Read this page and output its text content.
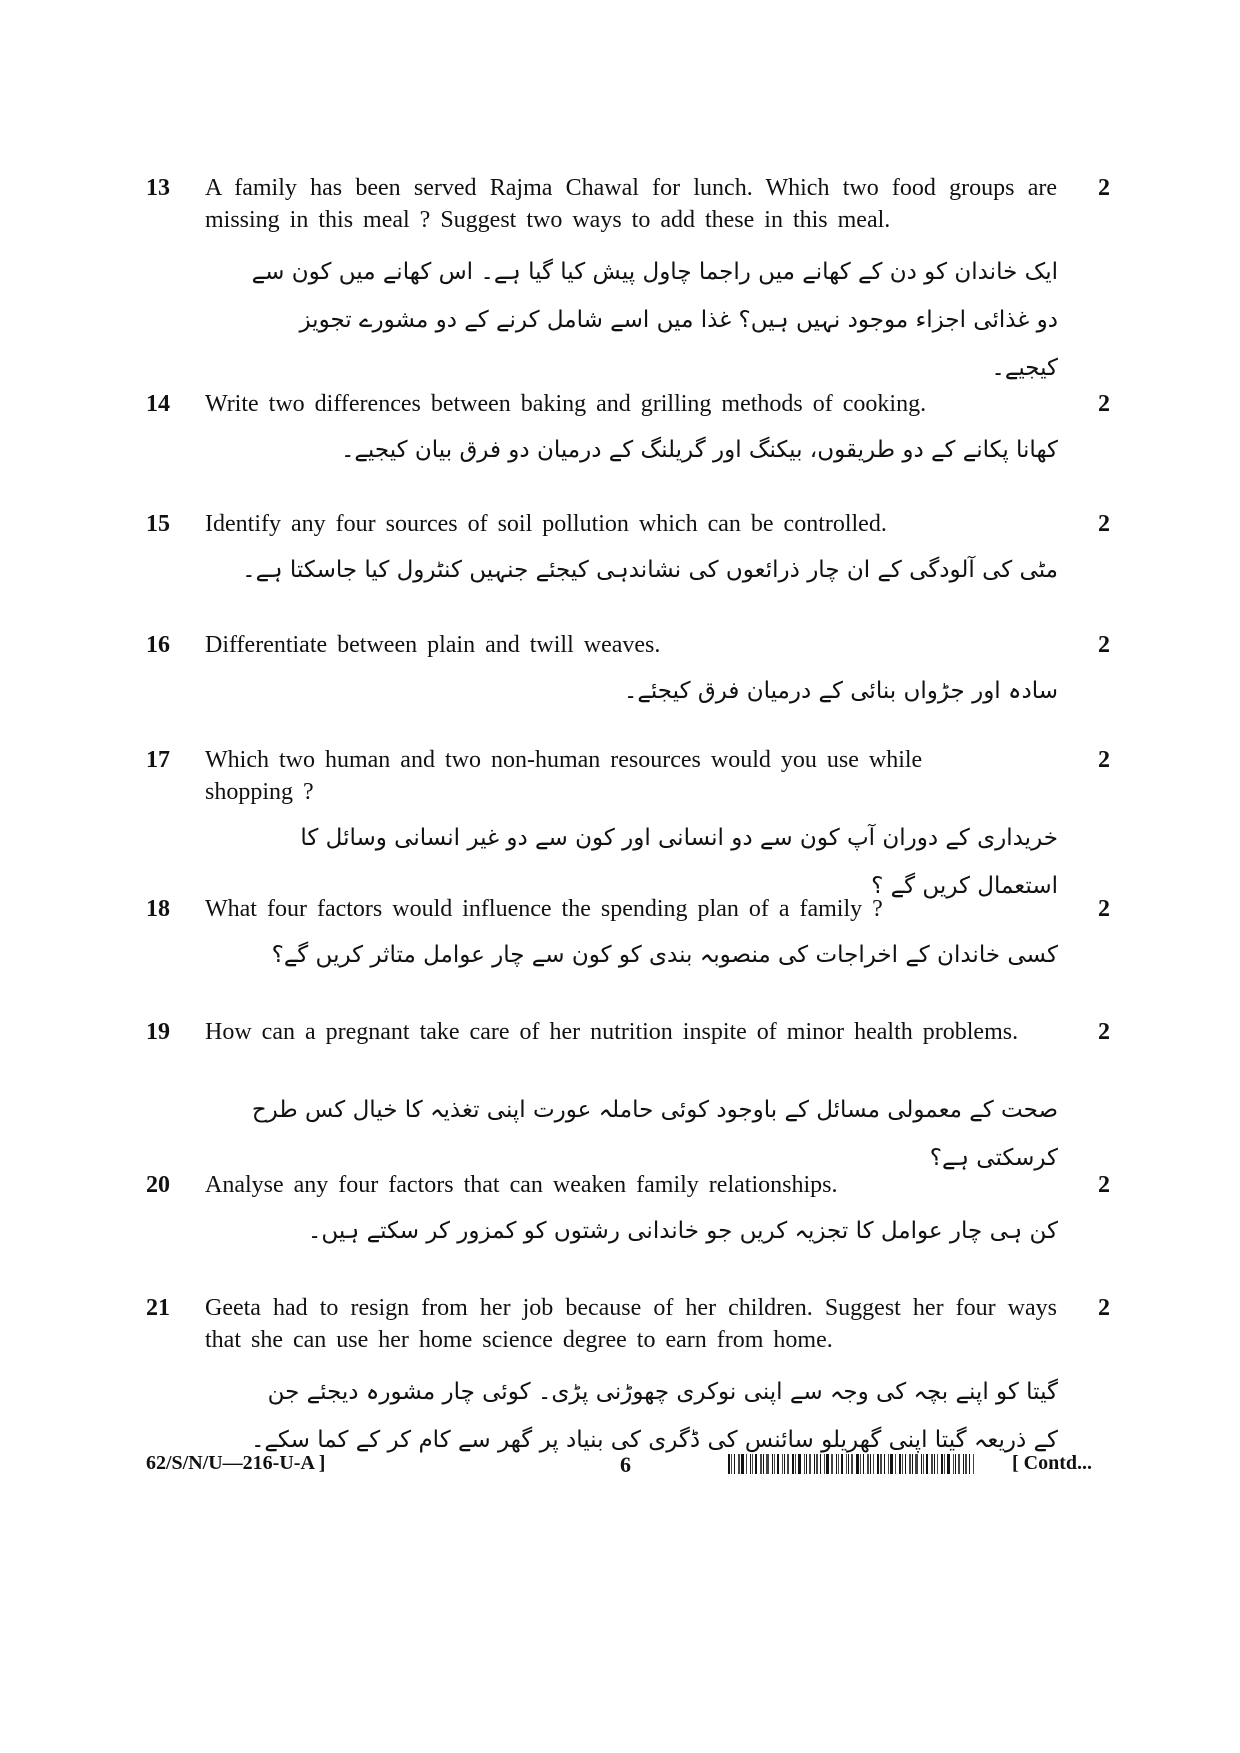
13 A family has been served Rajma Chawal for lunch. Which two food groups are missing in this meal ? Suggest two ways to add these in this meal.
2
ایک خاندان کو دن کے کھانے میں راجما چاول پیش کیا گیا ہے۔ اس کھانے میں کون سے دو غذائی اجزاء موجود نہیں ہیں؟ غذا میں اسے شامل کرنے کے دو مشورے تجویز کیجیے۔
14 Write two differences between baking and grilling methods of cooking.	2
کھانا پکانے کے دو طریقوں، بیکنگ اور گریلنگ کے درمیان دو فرق بیان کیجیے۔
15 Identify any four sources of soil pollution which can be controlled.	2
مٹی کی آلودگی کے ان چار ذرائعوں کی نشاندہی کیجئے جنہیں کنٹرول کیا جاسکتا ہے۔
16 Differentiate between plain and twill weaves.	2
سادہ اور جڑواں بنائی کے درمیان فرق کیجئے۔
17 Which two human and two non-human resources would you use while shopping ?
2
خریداری کے دوران آپ کون سے دو انسانی اور کون سے دو غیر انسانی وسائل کا استعمال کریں گے ؟
18 What four factors would influence the spending plan of a family ?	2
کسی خاندان کے اخراجات کی منصوبہ بندی کو کون سے چار عوامل متاثر کریں گے؟
19 How can a pregnant take care of her nutrition inspite of minor health problems.	2
صحت کے معمولی مسائل کے باوجود کوئی حاملہ عورت اپنی تغذیہ کا خیال کس طرح کرسکتی ہے؟
20 Analyse any four factors that can weaken family relationships.	2
کن ہی چار عوامل کا تجزیہ کریں جو خاندانی رشتوں کو کمزور کر سکتے ہیں۔
21 Geeta had to resign from her job because of her children. Suggest her four ways that she can use her home science degree to earn from home.
2
گیتا کو اپنے بچہ کی وجہ سے اپنی نوکری چھوڑنی پڑی۔ کوئی چار مشورہ دیجئے جن کے ذریعہ گیتا اپنی گھریلو سائنس کی ڈگری کی بنیاد پر گھر سے کام کر کے کما سکے۔
62/S/N/U—216-U-A ]	6	[ Contd...
